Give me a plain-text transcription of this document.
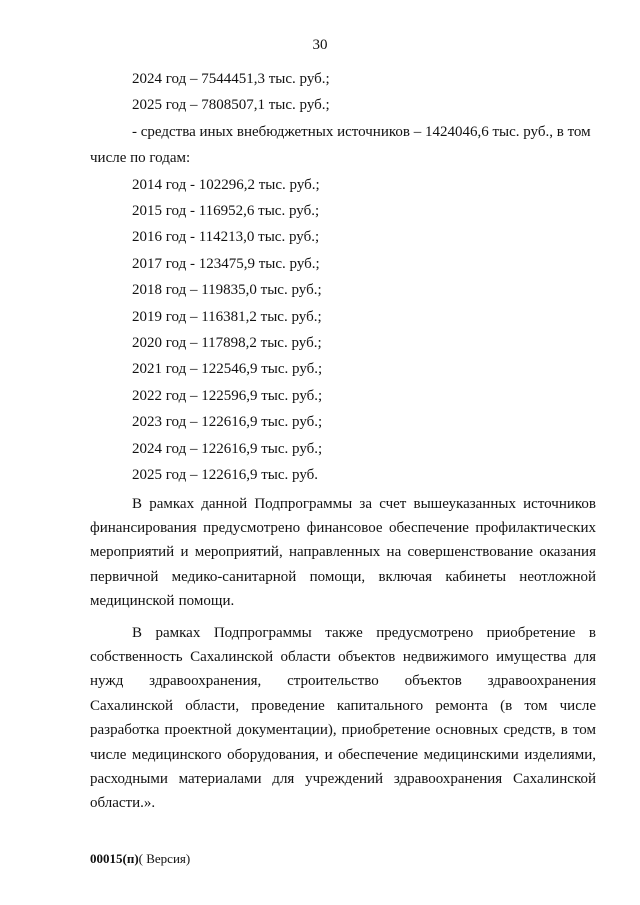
30

2024 год – 7544451,3 тыс. руб.;

2025 год – 7808507,1 тыс. руб.;

- средства иных внебюджетных источников – 1424046,6 тыс. руб., в том

числе по годам:

2014 год - 102296,2 тыс. руб.;

2015 год - 116952,6 тыс. руб.;

2016 год - 114213,0 тыс. руб.;

2017 год - 123475,9 тыс. руб.;

2018 год – 119835,0 тыс. руб.;

2019 год – 116381,2 тыс. руб.;

2020 год – 117898,2 тыс. руб.;

2021 год – 122546,9 тыс. руб.;

2022 год – 122596,9 тыс. руб.;

2023 год – 122616,9 тыс. руб.;

2024 год – 122616,9 тыс. руб.;

2025 год – 122616,9 тыс. руб.

В рамках данной Подпрограммы за счет вышеуказанных источников финансирования предусмотрено финансовое обеспечение профилактических мероприятий и мероприятий, направленных на совершенствование оказания первичной медико-санитарной помощи, включая кабинеты неотложной медицинской помощи.

В рамках Подпрограммы также предусмотрено приобретение в собственность Сахалинской области объектов недвижимого имущества для нужд здравоохранения, строительство объектов здравоохранения Сахалинской области, проведение капитального ремонта (в том числе разработка проектной документации), приобретение основных средств, в том числе медицинского оборудования, и обеспечение медицинскими изделиями, расходными материалами для учреждений здравоохранения Сахалинской области.».

00015(п)( Версия)
